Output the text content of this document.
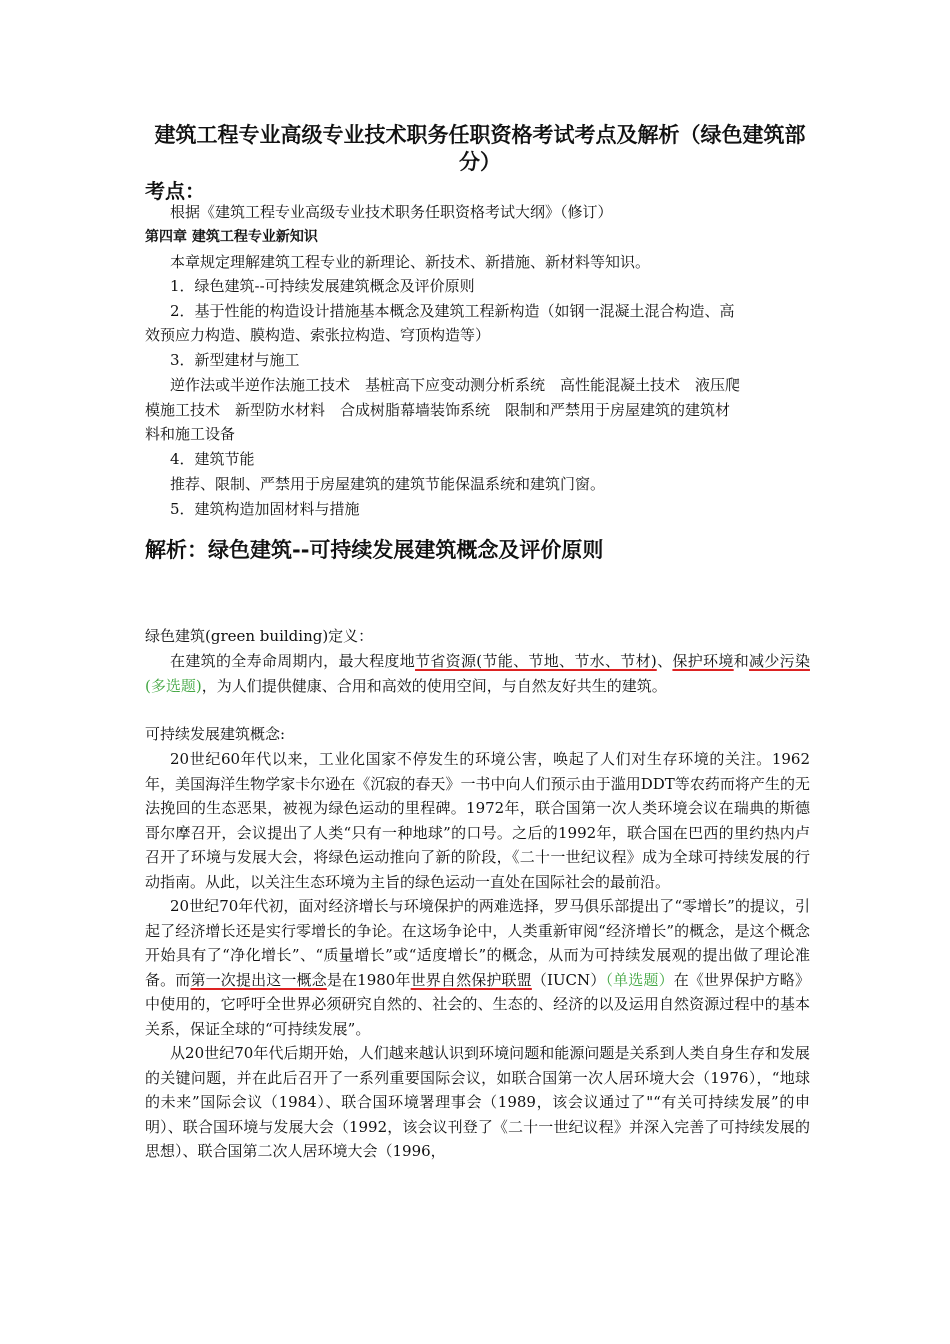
建筑工程专业高级专业技术职务任职资格考试考点及解析（绿色建筑部分）
考点：
根据《建筑工程专业高级专业技术职务任职资格考试大纲》（修订）
第四章 建筑工程专业新知识
本章规定理解建筑工程专业的新理论、新技术、新措施、新材料等知识。
1．绿色建筑--可持续发展建筑概念及评价原则
2．基于性能的构造设计措施基本概念及建筑工程新构造（如钢一混凝土混合构造、高
效预应力构造、膜构造、索张拉构造、穹顶构造等）
3．新型建材与施工
逆作法或半逆作法施工技术　基桩高下应变动测分析系统　高性能混凝土技术　液压爬
模施工技术　新型防水材料　合成树脂幕墙装饰系统　限制和严禁用于房屋建筑的建筑材
料和施工设备
4．建筑节能
推荐、限制、严禁用于房屋建筑的建筑节能保温系统和建筑门窗。
5．建筑构造加固材料与措施
解析：绿色建筑--可持续发展建筑概念及评价原则
绿色建筑(green building)定义：

在建筑的全寿命周期内，最大程度地节省资源(节能、节地、节水、节材)、保护环境和减少污染(多选题)，为人们提供健康、合用和高效的使用空间，与自然友好共生的建筑。

可持续发展建筑概念:

20世纪60年代以来，工业化国家不停发生的环境公害，唤起了人们对生存环境的关注。1962年，美国海洋生物学家卡尔逊在《沉寂的春天》一书中向人们预示由于滥用DDT等农药而将产生的无法挽回的生态恶果，被视为绿色运动的里程碑。1972年，联合国第一次人类环境会议在瑞典的斯德哥尔摩召开，会议提出了人类“只有一种地球”的口号。之后的1992年，联合国在巴西的里约热内卢召开了环境与发展大会，将绿色运动推向了新的阶段，《二十一世纪议程》成为全球可持续发展的行动指南。从此，以关注生态环境为主旨的绿色运动一直处在国际社会的最前沿。

20世纪70年代初，面对经济增长与环境保护的两难选择，罗马俱乐部提出了“零增长”的提议，引起了经济增长还是实行零增长的争论。在这场争论中，人类重新审阅“经济增长”的概念，是这个概念开始具有了“净化增长”、“质量增长”或“适度增长”的概念，从而为可持续发展观的提出做了理论准备。而第一次提出这一概念是在1980年世界自然保护联盟（IUCN）（单选题）在《世界保护方略》中使用的，它呼吁全世界必须研究自然的、社会的、生态的、经济的以及运用自然资源过程中的基本关系，保证全球的“可持续发展”。

从20世纪70年代后期开始，人们越来越认识到环境问题和能源问题是关系到人类自身生存和发展的关键问题，并在此后召开了一系列重要国际会议，如联合国第一次人居环境大会（1976），“地球的未来”国际会议（1984）、联合国环境署理事会（1989，该会议通过了"“有关可持续发展”的申明）、联合国环境与发展大会（1992，该会议刊登了《二十一世纪议程》并深入完善了可持续发展的思想）、联合国第二次人居环境大会（1996，
